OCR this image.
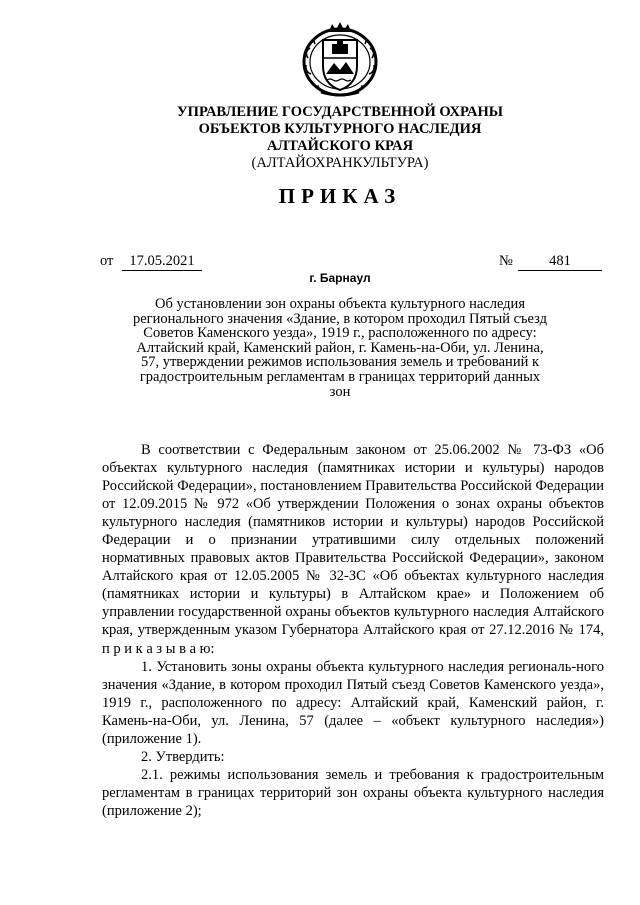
УПРАВЛЕНИЕ ГОСУДАРСТВЕННОЙ ОХРАНЫ
ОБЪЕКТОВ КУЛЬТУРНОГО НАСЛЕДИЯ
АЛТАЙСКОГО КРАЯ
(АЛТАЙОХРАНКУЛЬТУРА)
ПРИКАЗ
от	17.05.2021	№	481
г. Барнаул
Об установлении зон охраны объекта культурного наследия регионального значения «Здание, в котором проходил Пятый съезд Советов Каменского уезда», 1919 г., расположенного по адресу: Алтайский край, Каменский район, г. Камень-на-Оби, ул. Ленина, 57, утверждении режимов использования земель и требований к градостроительным регламентам в границах территорий данных зон

В соответствии с Федеральным законом от 25.06.2002 № 73-ФЗ «Об объектах культурного наследия (памятниках истории и культуры) народов Российской Федерации», постановлением Правительства Российской Федерации от 12.09.2015 № 972 «Об утверждении Положения о зонах охраны объектов культурного наследия (памятников истории и культуры) народов Российской Федерации и о признании утратившими силу отдельных положений нормативных правовых актов Правительства Российской Федерации», законом Алтайского края от 12.05.2005 № 32-ЗС «Об объектах культурного наследия (памятниках истории и культуры) в Алтайском крае» и Положением об управлении государственной охраны объектов культурного наследия Алтайского края, утвержденным указом Губернатора Алтайского края от 27.12.2016 № 174, п р и к а з ы в а ю:

1. Установить зоны охраны объекта культурного наследия региональ-ного значения «Здание, в котором проходил Пятый съезд Советов Каменского уезда», 1919 г., расположенного по адресу: Алтайский край, Каменский район, г. Камень-на-Оби, ул. Ленина, 57 (далее – «объект культурного наследия») (приложение 1).

2. Утвердить:

2.1. режимы использования земель и требования к градостроительным регламентам в границах территорий зон охраны объекта культурного наследия (приложение 2);
